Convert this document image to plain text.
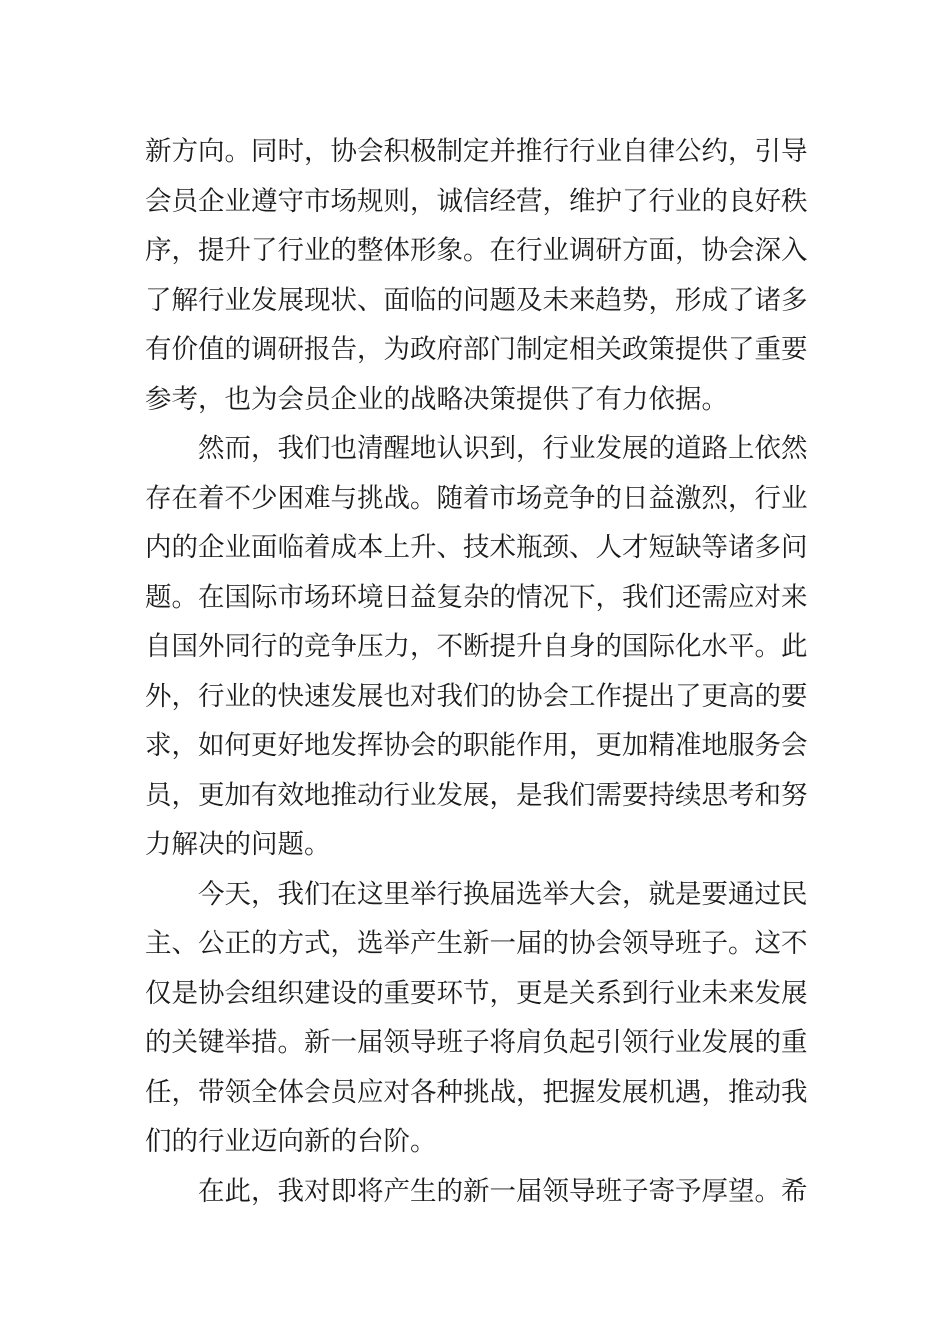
新方向。同时，协会积极制定并推行行业自律公约，引导
会员企业遵守市场规则，诚信经营，维护了行业的良好秩
序，提升了行业的整体形象。在行业调研方面，协会深入
了解行业发展现状、面临的问题及未来趋势，形成了诸多
有价值的调研报告，为政府部门制定相关政策提供了重要
参考，也为会员企业的战略决策提供了有力依据。
然而，我们也清醒地认识到，行业发展的道路上依然
存在着不少困难与挑战。随着市场竞争的日益激烈，行业
内的企业面临着成本上升、技术瓶颈、人才短缺等诸多问
题。在国际市场环境日益复杂的情况下，我们还需应对来
自国外同行的竞争压力，不断提升自身的国际化水平。此
外，行业的快速发展也对我们的协会工作提出了更高的要
求，如何更好地发挥协会的职能作用，更加精准地服务会
员，更加有效地推动行业发展，是我们需要持续思考和努
力解决的问题。
今天，我们在这里举行换届选举大会，就是要通过民
主、公正的方式，选举产生新一届的协会领导班子。这不
仅是协会组织建设的重要环节，更是关系到行业未来发展
的关键举措。新一届领导班子将肩负起引领行业发展的重
任，带领全体会员应对各种挑战，把握发展机遇，推动我
们的行业迈向新的台阶。
在此，我对即将产生的新一届领导班子寄予厚望。希
